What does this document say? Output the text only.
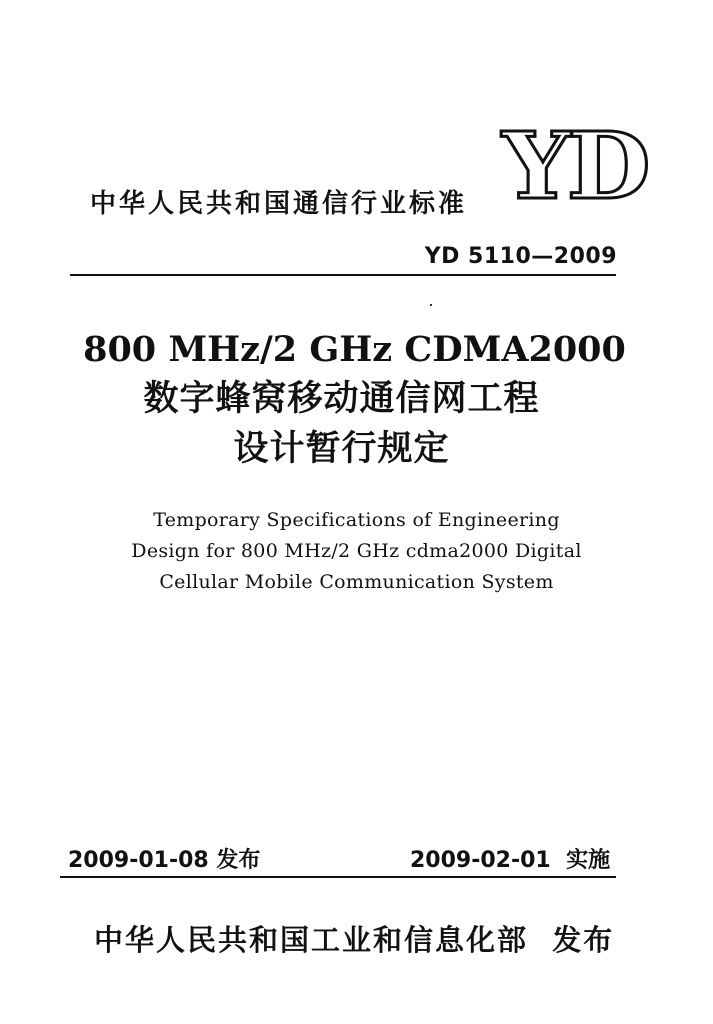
中华人民共和国通信行业标准 YD
YD 5110—2009
800 MHz/2 GHz CDMA2000
数字蜂窝移动通信网工程
设计暂行规定
Temporary Specifications of Engineering
Design for 800 MHz/2 GHz cdma2000 Digital
Cellular Mobile Communication System
2009-01-08 发布	2009-02-01 实施
中华人民共和国工业和信息化部 发布
